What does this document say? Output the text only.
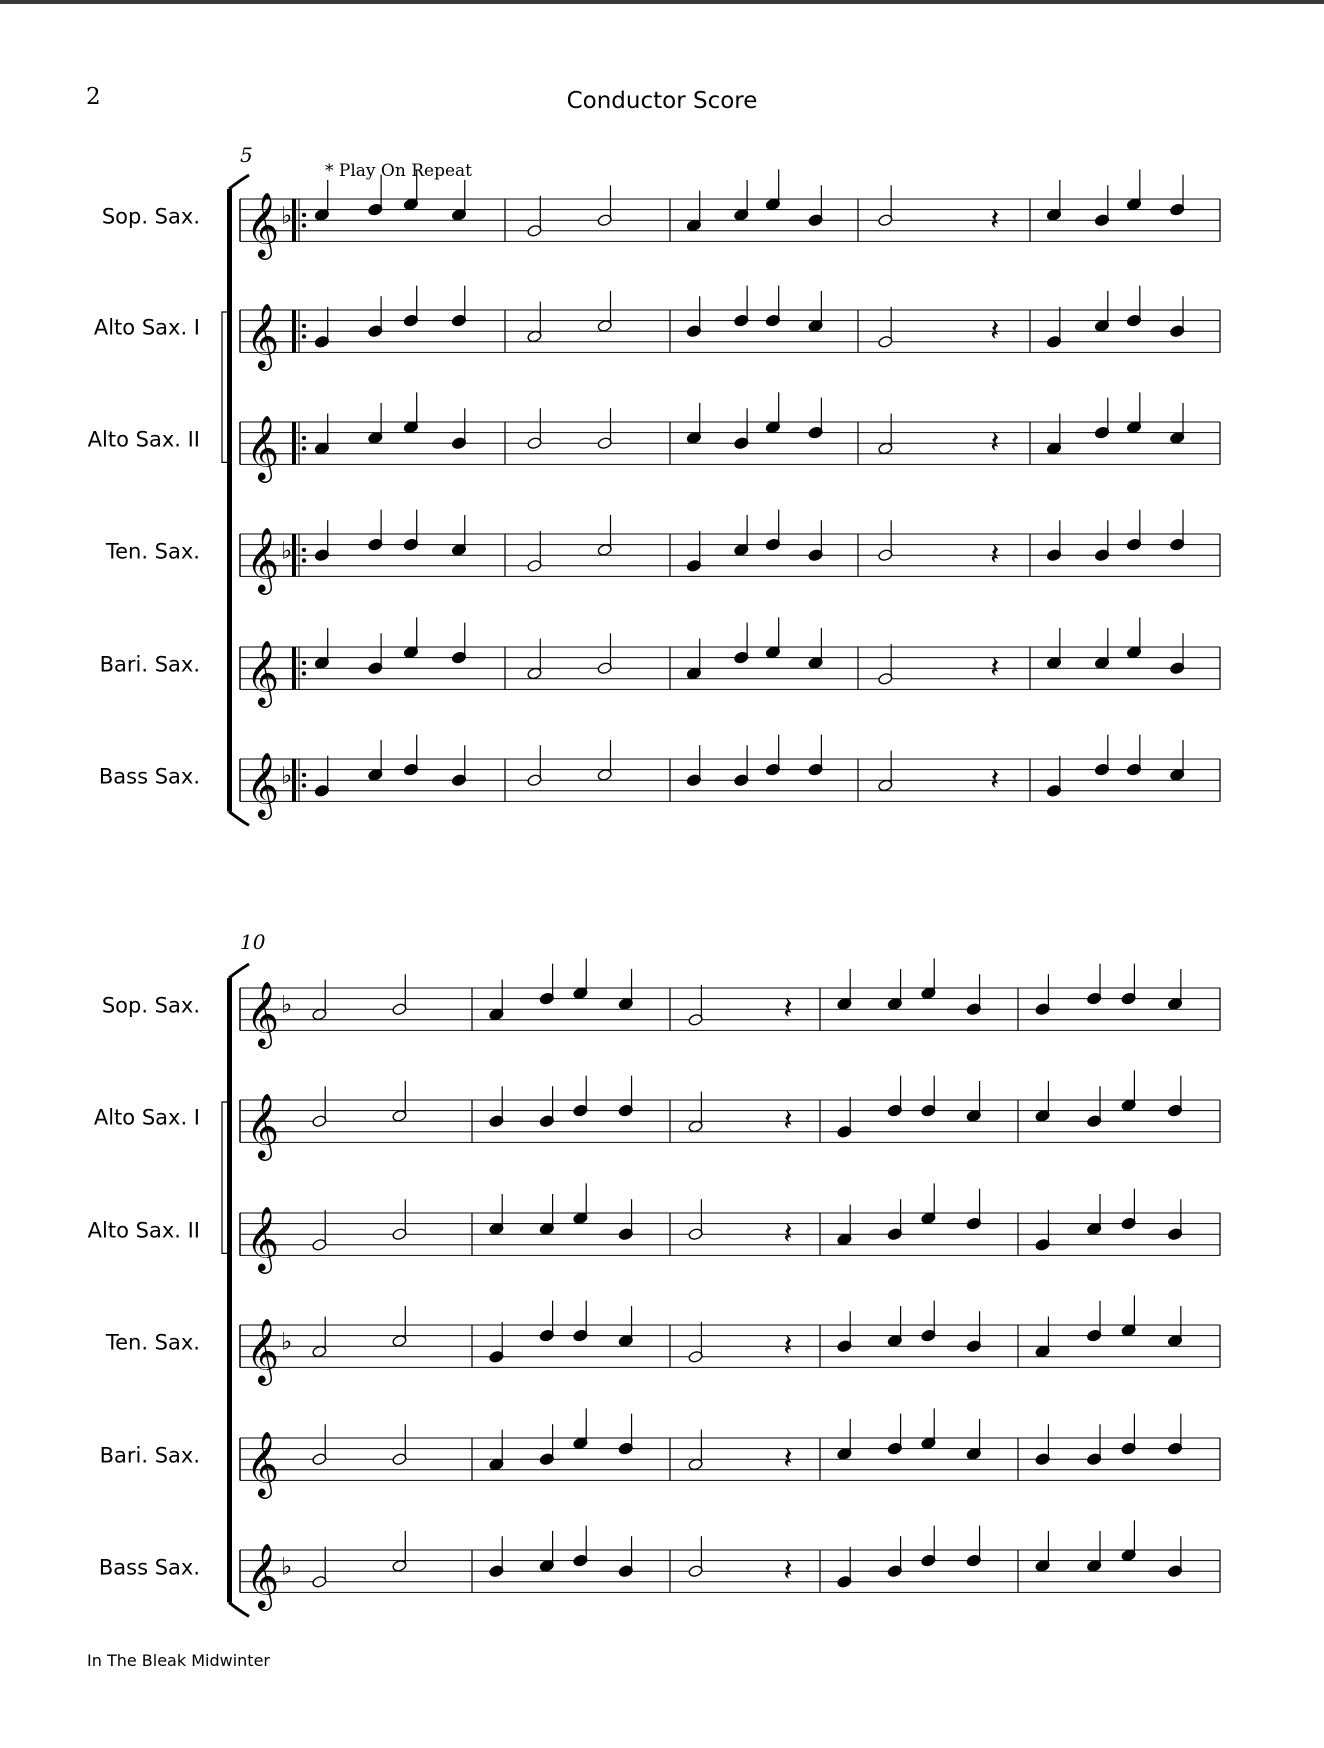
2	Conductor Score
In The Bleak Midwinter
5
* Play On Repeat
Sop. Sax. 𝄞 ♭	𝄽
Alto Sax. I 𝄞	𝄽
Alto Sax. II 𝄞	𝄽
Ten. Sax. 𝄞 ♭	𝄽
Bari. Sax. 𝄞	𝄽
Bass Sax. 𝄞 ♭	𝄽
10
Sop. Sax. 𝄞 ♭	𝄽
Alto Sax. I 𝄞	𝄽
Alto Sax. II 𝄞	𝄽
Ten. Sax. 𝄞 ♭	𝄽
Bari. Sax. 𝄞	𝄽
Bass Sax. 𝄞 ♭	𝄽
